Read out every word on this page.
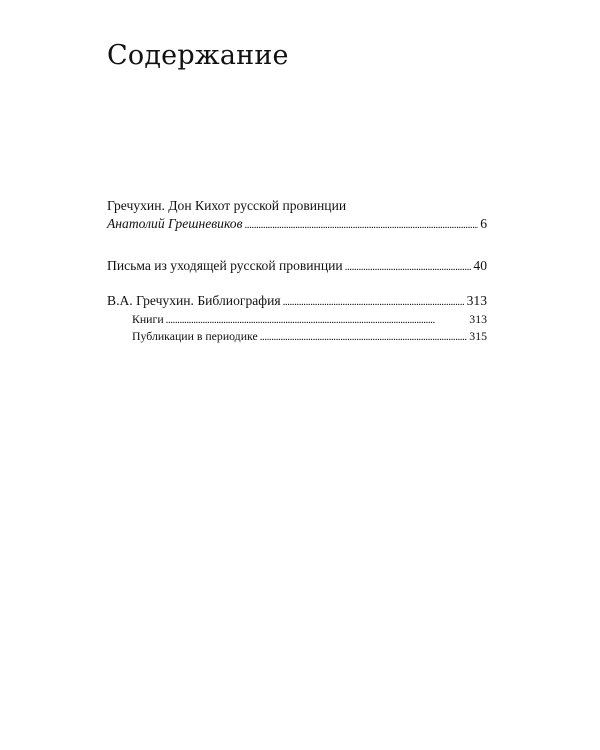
Содержание
Гречухин. Дон Кихот русской провинции
Анатолий Грешневиков . . .	6
Письма из уходящей русской провинции . . .	40
В.А. Гречухин. Библиография . . .	313
Книги . . .	313
Публикации в периодике . . .	315
